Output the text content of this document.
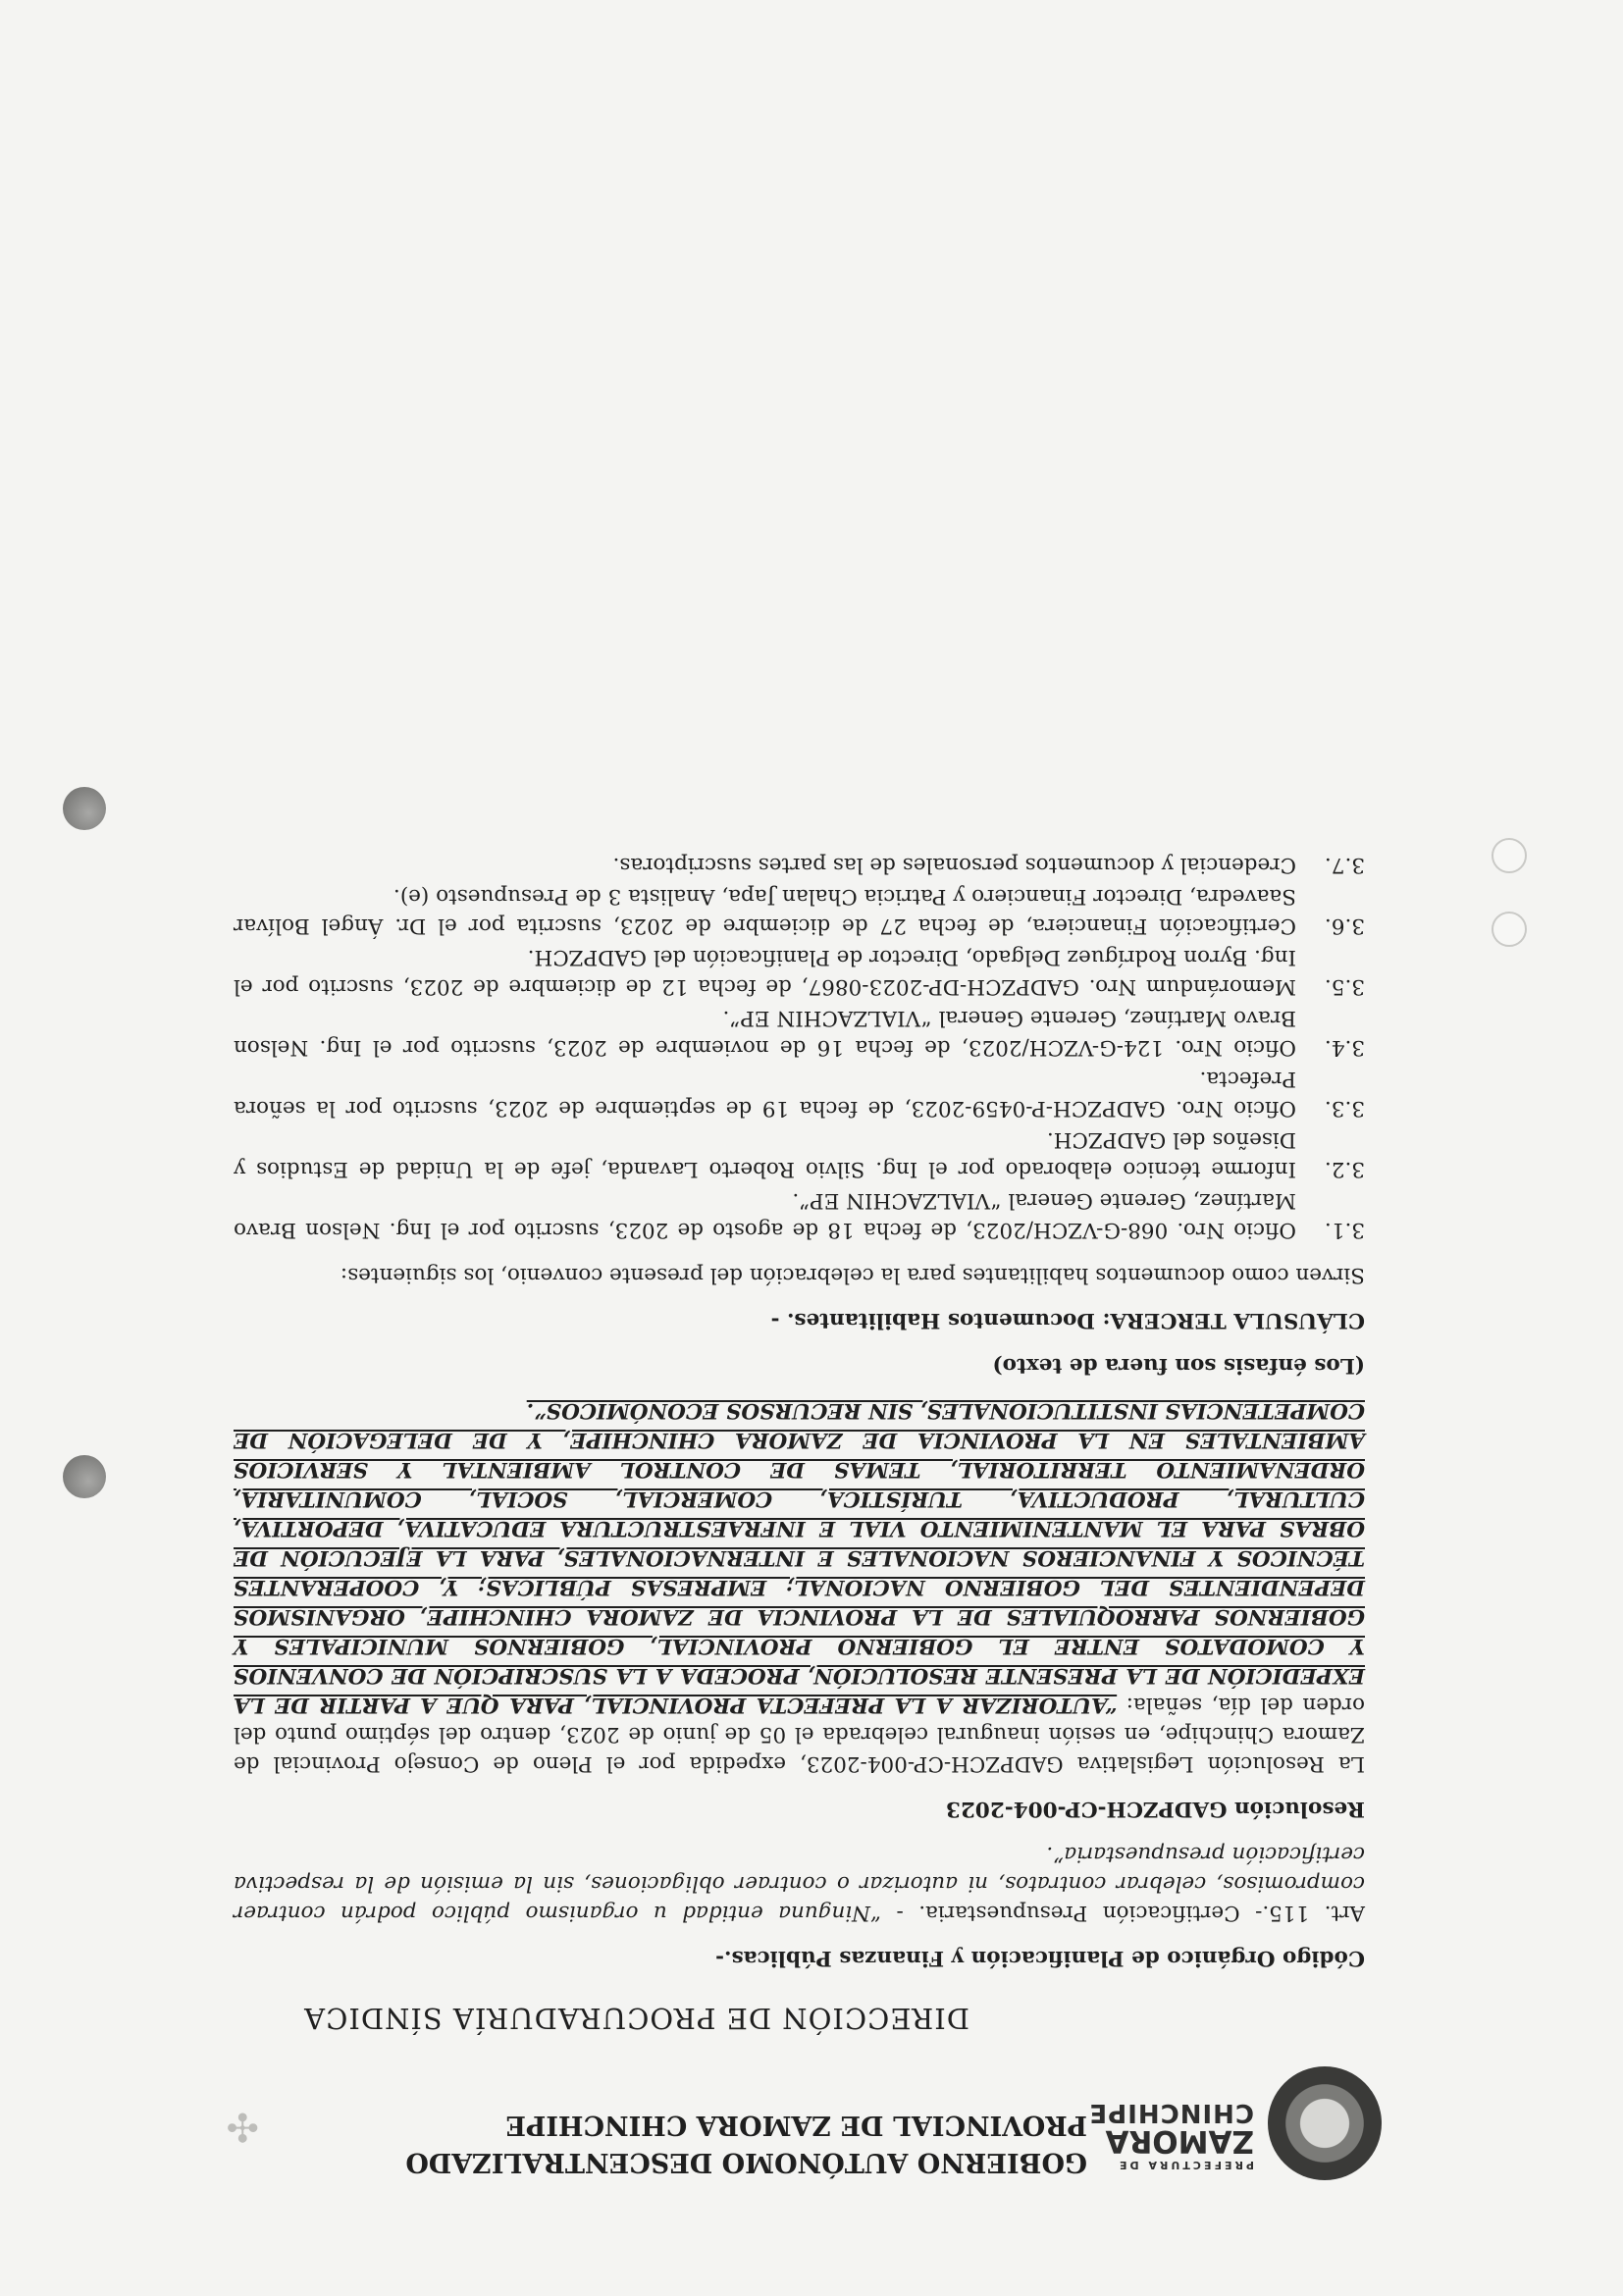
PREFECTURA DE
ZAMORA
CHINCHIPE
GOBIERNO AUTÓNOMO DESCENTRALIZADO
PROVINCIAL DE ZAMORA CHINCHIPE
DIRECCIÓN DE PROCURADURÍA SÍNDICA
✣

Código Orgánico de Planificación y Finanzas Públicas.-

Art. 115.- Certificación Presupuestaria. - “Ninguna entidad u organismo público podrán contraer compromisos, celebrar contratos, ni autorizar o contraer obligaciones, sin la emisión de la respectiva certificación presupuestaria”.

Resolución GADPZCH-CP-004-2023

La Resolución Legislativa GADPZCH-CP-004-2023, expedida por el Pleno de Consejo Provincial de Zamora Chinchipe, en sesión inaugural celebrada el 05 de junio de 2023, dentro del séptimo punto del orden del día, señala: “AUTORIZAR A LA PREFECTA PROVINCIAL, PARA QUE A PARTIR DE LA EXPEDICIÓN DE LA PRESENTE RESOLUCIÓN, PROCEDA A LA SUSCRIPCIÓN DE CONVENIOS Y COMODATOS ENTRE EL GOBIERNO PROVINCIAL, GOBIERNOS MUNICIPALES Y GOBIERNOS PARROQUIALES DE LA PROVINCIA DE ZAMORA CHINCHIPE, ORGANISMOS DEPENDIENTES DEL GOBIERNO NACIONAL; EMPRESAS PÚBLICAS; Y, COOPERANTES TÉCNICOS Y FINANCIEROS NACIONALES E INTERNACIONALES, PARA LA EJECUCIÓN DE OBRAS PARA EL MANTENIMIENTO VIAL E INFRAESTRUCTURA EDUCATIVA, DEPORTIVA, CULTURAL, PRODUCTIVA, TURÍSTICA, COMERCIAL, SOCIAL, COMUNITARIA, ORDENAMIENTO TERRITORIAL, TEMAS DE CONTROL AMBIENTAL Y SERVICIOS AMBIENTALES EN LA PROVINCIA DE ZAMORA CHINCHIPE, Y DE DELEGACIÓN DE COMPETENCIAS INSTITUCIONALES, SIN RECURSOS ECONÓMICOS”.

(Los énfasis son fuera de texto)

CLÁUSULA TERCERA: Documentos Habilitantes. -

Sirven como documentos habilitantes para la celebración del presente convenio, los siguientes:

3.1.
Oficio Nro. 068-G-VZCH/2023, de fecha 18 de agosto de 2023, suscrito por el Ing. Nelson Bravo Martínez, Gerente General “VIALZACHIN EP”.
3.2.
Informe técnico elaborado por el Ing. Silvio Roberto Lavanda, jefe de la Unidad de Estudios y Diseños del GADPZCH.
3.3.
Oficio Nro. GADPZCH-P-0459-2023, de fecha 19 de septiembre de 2023, suscrito por la señora Prefecta.
3.4.
Oficio Nro. 124-G-VZCH/2023, de fecha 16 de noviembre de 2023, suscrito por el Ing. Nelson Bravo Martínez, Gerente General “VIALZACHIN EP”.
3.5.
Memorándum Nro. GADPZCH-DP-2023-0867, de fecha 12 de diciembre de 2023, suscrito por el Ing. Byron Rodríguez Delgado, Director de Planificación del GADPZCH.
3.6.
Certificación Financiera, de fecha 27 de diciembre de 2023, suscrita por el Dr. Ángel Bolívar Saavedra, Director Financiero y Patricia Chalan Japa, Analista 3 de Presupuesto (e).
3.7.
Credencial y documentos personales de las partes suscriptoras.
